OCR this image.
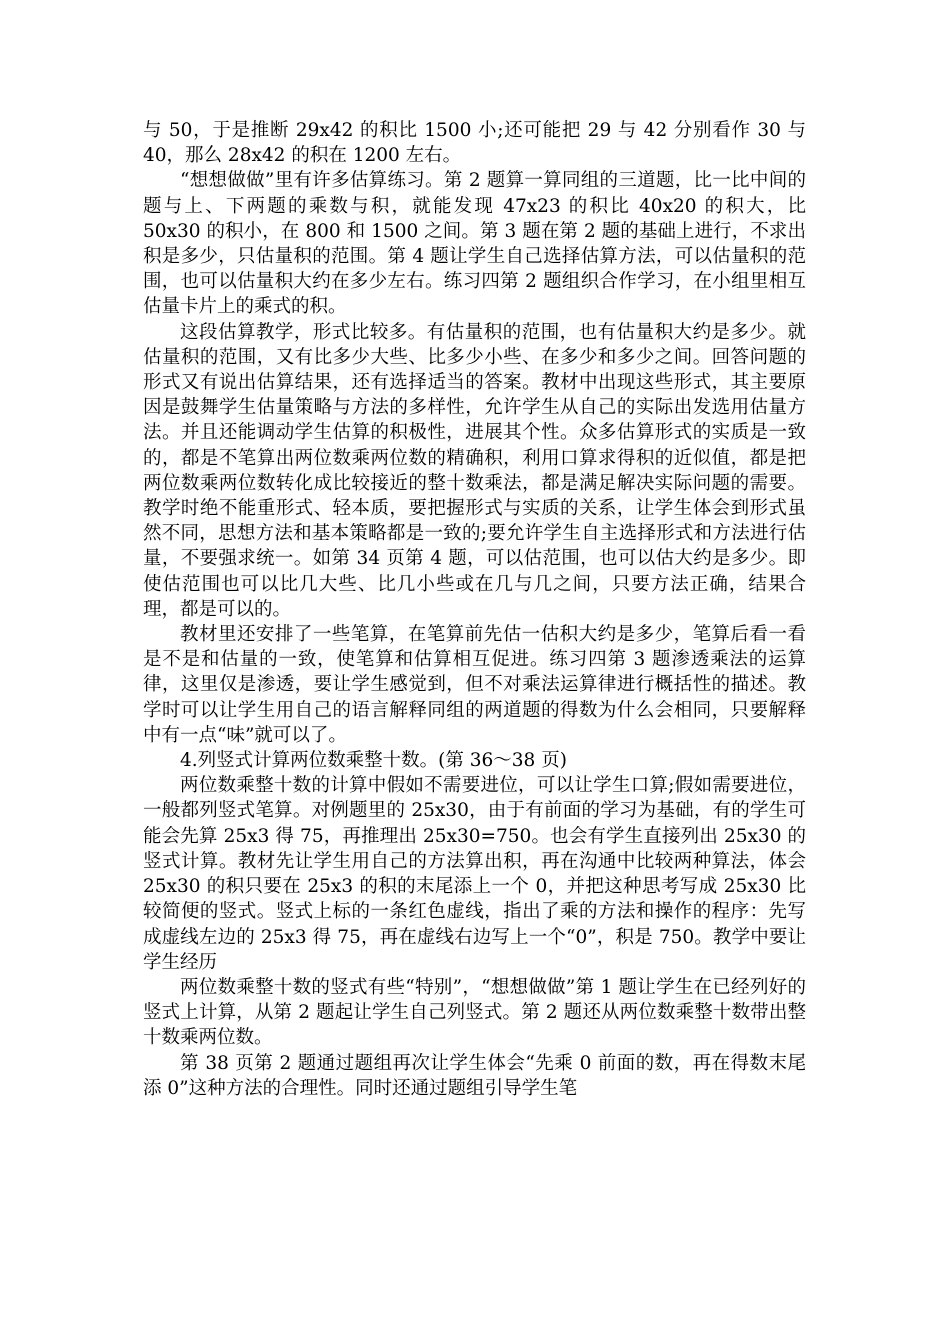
与 50，于是推断 29x42 的积比 1500 小;还可能把 29 与 42 分别看作 30 与 40，那么 28x42 的积在 1200 左右。

“想想做做”里有许多估算练习。第 2 题算一算同组的三道题，比一比中间的题与上、下两题的乘数与积，就能发现 47x23 的积比 40x20 的积大，比 50x30 的积小，在 800 和 1500 之间。第 3 题在第 2 题的基础上进行，不求出积是多少，只估量积的范围。第 4 题让学生自己选择估算方法，可以估量积的范围，也可以估量积大约在多少左右。练习四第 2 题组织合作学习，在小组里相互估量卡片上的乘式的积。

这段估算教学，形式比较多。有估量积的范围，也有估量积大约是多少。就估量积的范围，又有比多少大些、比多少小些、在多少和多少之间。回答问题的形式又有说出估算结果，还有选择适当的答案。教材中出现这些形式，其主要原因是鼓舞学生估量策略与方法的多样性，允许学生从自己的实际出发选用估量方法。并且还能调动学生估算的积极性，进展其个性。众多估算形式的实质是一致的，都是不笔算出两位数乘两位数的精确积，利用口算求得积的近似值，都是把两位数乘两位数转化成比较接近的整十数乘法，都是满足解决实际问题的需要。教学时绝不能重形式、轻本质，要把握形式与实质的关系，让学生体会到形式虽然不同，思想方法和基本策略都是一致的;要允许学生自主选择形式和方法进行估量，不要强求统一。如第 34 页第 4 题，可以估范围，也可以估大约是多少。即使估范围也可以比几大些、比几小些或在几与几之间，只要方法正确，结果合理，都是可以的。

教材里还安排了一些笔算，在笔算前先估一估积大约是多少，笔算后看一看是不是和估量的一致，使笔算和估算相互促进。练习四第 3 题渗透乘法的运算律，这里仅是渗透，要让学生感觉到，但不对乘法运算律进行概括性的描述。教学时可以让学生用自己的语言解释同组的两道题的得数为什么会相同，只要解释中有一点“味”就可以了。

4.列竖式计算两位数乘整十数。(第 36～38 页)

两位数乘整十数的计算中假如不需要进位，可以让学生口算;假如需要进位，一般都列竖式笔算。对例题里的 25x30，由于有前面的学习为基础，有的学生可能会先算 25x3 得 75，再推理出 25x30=750。也会有学生直接列出 25x30 的竖式计算。教材先让学生用自己的方法算出积，再在沟通中比较两种算法，体会 25x30 的积只要在 25x3 的积的末尾添上一个 0，并把这种思考写成 25x30 比较简便的竖式。竖式上标的一条红色虚线，指出了乘的方法和操作的程序：先写成虚线左边的 25x3 得 75，再在虚线右边写上一个“0”，积是 750。教学中要让学生经历

两位数乘整十数的竖式有些“特别”，“想想做做”第 1 题让学生在已经列好的竖式上计算，从第 2 题起让学生自己列竖式。第 2 题还从两位数乘整十数带出整十数乘两位数。

第 38 页第 2 题通过题组再次让学生体会“先乘 0 前面的数，再在得数末尾添 0”这种方法的合理性。同时还通过题组引导学生笔
